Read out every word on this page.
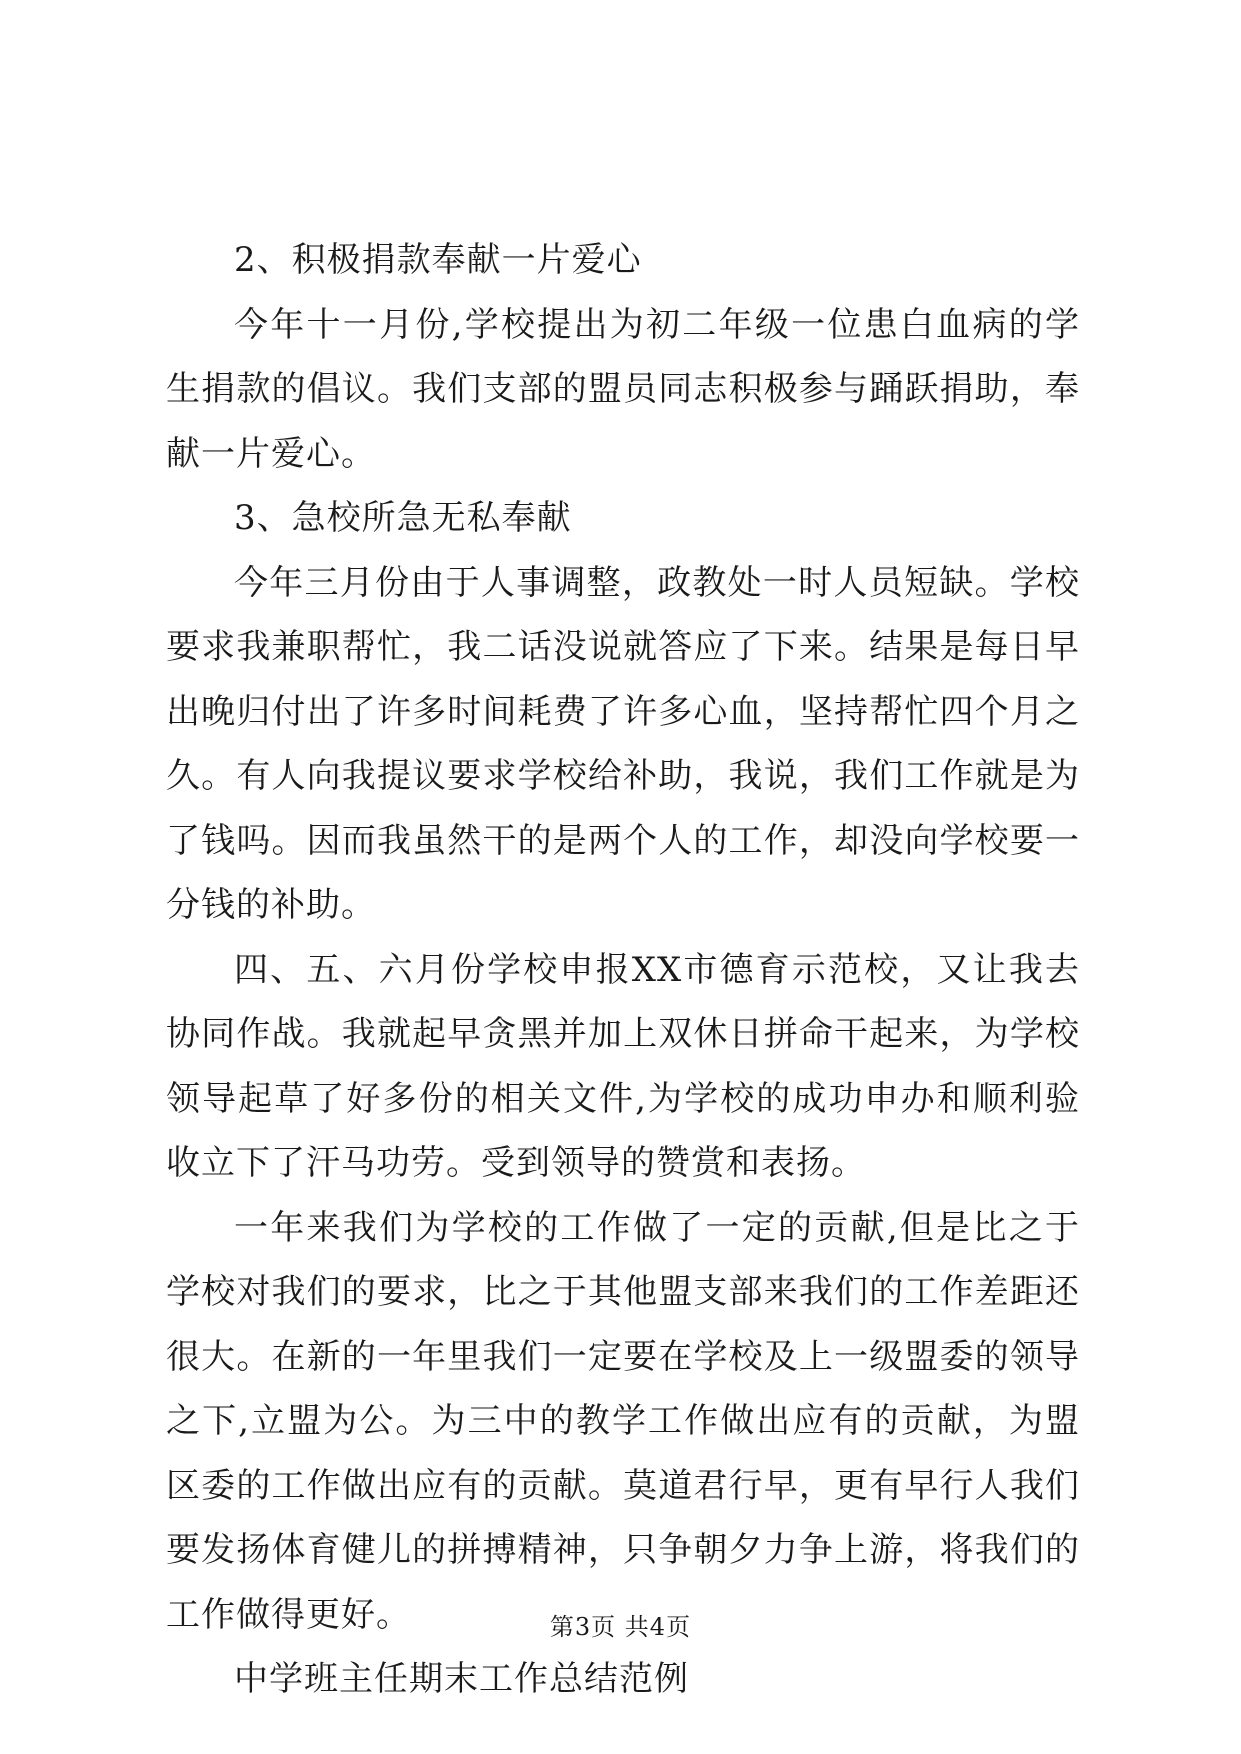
2、积极捐款奉献一片爱心

今年十一月份,学校提出为初二年级一位患白血病的学生捐款的倡议。我们支部的盟员同志积极参与踊跃捐助，奉献一片爱心。

3、急校所急无私奉献

今年三月份由于人事调整，政教处一时人员短缺。学校要求我兼职帮忙，我二话没说就答应了下来。结果是每日早出晚归付出了许多时间耗费了许多心血，坚持帮忙四个月之久。有人向我提议要求学校给补助，我说，我们工作就是为了钱吗。因而我虽然干的是两个人的工作，却没向学校要一分钱的补助。

四、五、六月份学校申报XX市德育示范校，又让我去协同作战。我就起早贪黑并加上双休日拼命干起来，为学校领导起草了好多份的相关文件,为学校的成功申办和顺利验收立下了汗马功劳。受到领导的赞赏和表扬。

一年来我们为学校的工作做了一定的贡献,但是比之于学校对我们的要求，比之于其他盟支部来我们的工作差距还很大。在新的一年里我们一定要在学校及上一级盟委的领导之下,立盟为公。为三中的教学工作做出应有的贡献，为盟区委的工作做出应有的贡献。莫道君行早，更有早行人我们要发扬体育健儿的拼搏精神，只争朝夕力争上游，将我们的工作做得更好。

中学班主任期末工作总结范例

第3页 共4页
